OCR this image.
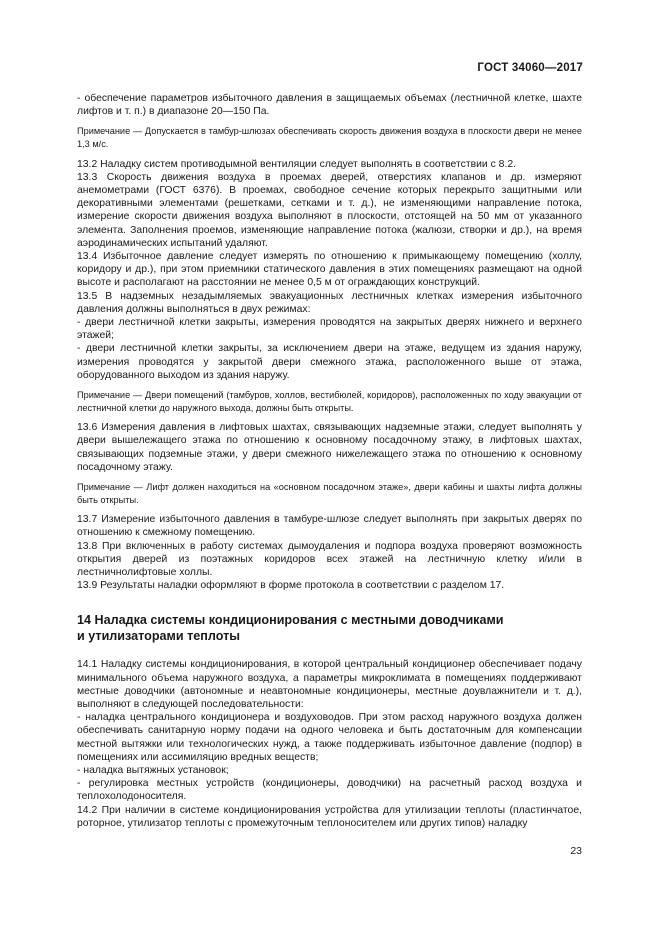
ГОСТ 34060—2017

- обеспечение параметров избыточного давления в защищаемых объемах (лестничной клетке, шахте лифтов и т. п.) в диапазоне 20—150 Па.

Примечание — Допускается в тамбур-шлюзах обеспечивать скорость движения воздуха в плоскости двери не менее 1,3 м/с.

13.2 Наладку систем противодымной вентиляции следует выполнять в соответствии с 8.2.

13.3 Скорость движения воздуха в проемах дверей, отверстиях клапанов и др. измеряют анемометрами (ГОСТ 6376). В проемах, свободное сечение которых перекрыто защитными или декоративными элементами (решетками, сетками и т. д.), не изменяющими направление потока, измерение скорости движения воздуха выполняют в плоскости, отстоящей на 50 мм от указанного элемента. Заполнения проемов, изменяющие направление потока (жалюзи, створки и др.), на время аэродинамических испытаний удаляют.

13.4 Избыточное давление следует измерять по отношению к примыкающему помещению (холлу, коридору и др.), при этом приемники статического давления в этих помещениях размещают на одной высоте и располагают на расстоянии не менее 0,5 м от ограждающих конструкций.

13.5 В надземных незадымляемых эвакуационных лестничных клетках измерения избыточного давления должны выполняться в двух режимах:

- двери лестничной клетки закрыты, измерения проводятся на закрытых дверях нижнего и верхнего этажей;

- двери лестничной клетки закрыты, за исключением двери на этаже, ведущем из здания наружу, измерения проводятся у закрытой двери смежного этажа, расположенного выше от этажа, оборудованного выходом из здания наружу.

Примечание — Двери помещений (тамбуров, холлов, вестибюлей, коридоров), расположенных по ходу эвакуации от лестничной клетки до наружного выхода, должны быть открыты.

13.6 Измерения давления в лифтовых шахтах, связывающих надземные этажи, следует выполнять у двери вышележащего этажа по отношению к основному посадочному этажу, в лифтовых шахтах, связывающих подземные этажи, у двери смежного нижележащего этажа по отношению к основному посадочному этажу.

Примечание — Лифт должен находиться на «основном посадочном этаже», двери кабины и шахты лифта должны быть открыты.

13.7 Измерение избыточного давления в тамбуре-шлюзе следует выполнять при закрытых дверях по отношению к смежному помещению.

13.8 При включенных в работу системах дымоудаления и подпора воздуха проверяют возможность открытия дверей из поэтажных коридоров всех этажей на лестничную клетку и/или в лестничнолифтовые холлы.

13.9 Результаты наладки оформляют в форме протокола в соответствии с разделом 17.

14 Наладка системы кондиционирования с местными доводчиками
и утилизаторами теплоты

14.1 Наладку системы кондиционирования, в которой центральный кондиционер обеспечивает подачу минимального объема наружного воздуха, а параметры микроклимата в помещениях поддерживают местные доводчики (автономные и неавтономные кондиционеры, местные доувлажнители и т. д.), выполняют в следующей последовательности:

- наладка центрального кондиционера и воздуховодов. При этом расход наружного воздуха должен обеспечивать санитарную норму подачи на одного человека и быть достаточным для компенсации местной вытяжки или технологических нужд, а также поддерживать избыточное давление (подпор) в помещениях или ассимиляцию вредных веществ;

- наладка вытяжных установок;

- регулировка местных устройств (кондиционеры, доводчики) на расчетный расход воздуха и теплохолодоносителя.

14.2 При наличии в системе кондиционирования устройства для утилизации теплоты (пластинчатое, роторное, утилизатор теплоты с промежуточным теплоносителем или других типов) наладку

23
